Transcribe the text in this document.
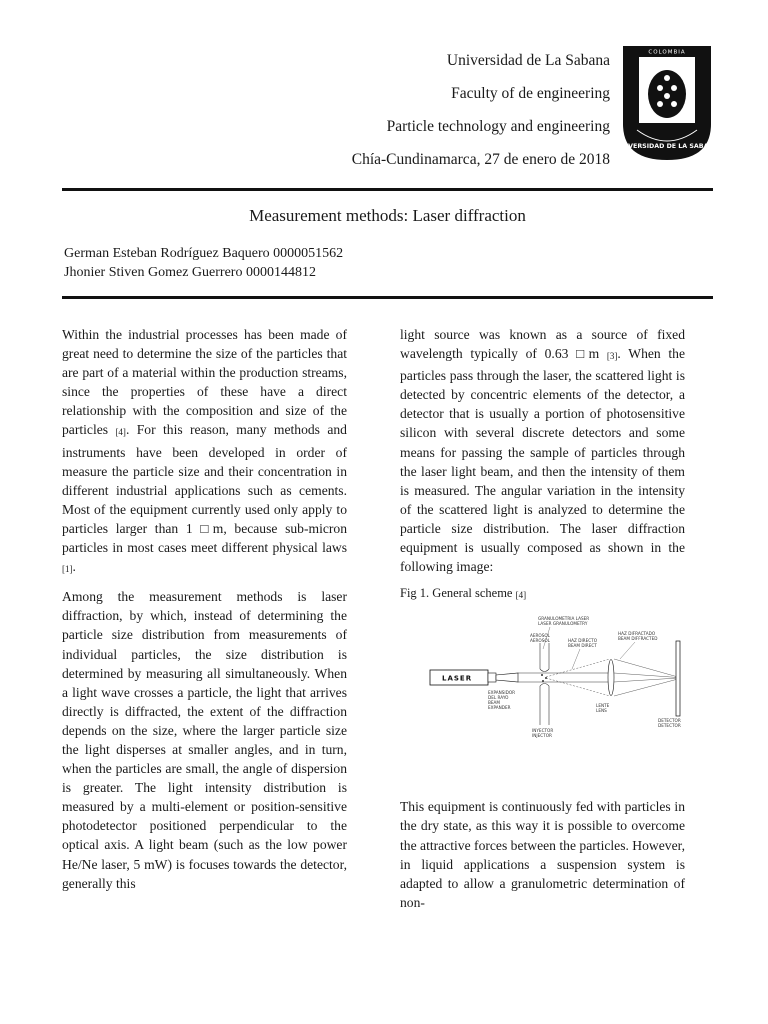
Universidad de La Sabana
Faculty of de engineering
Particle technology and engineering
Chía-Cundinamarca, 27 de enero de 2018
COLOMBIA
UNIVERSIDAD DE LA SABANA
Measurement methods: Laser diffraction
German Esteban Rodríguez Baquero 0000051562
Jhonier Stiven Gomez Guerrero 0000144812

Within the industrial processes has been made of great need to determine the size of the particles that are part of a material within the production streams, since the properties of these have a direct relationship with the composition and size of the particles [4]. For this reason, many methods and instruments have been developed in order of measure the particle size and their concentration in different industrial applications such as cements. Most of the equipment currently used only apply to particles larger than 1 □m, because sub-micron particles in most cases meet different physical laws [1].

Among the measurement methods is laser diffraction, by which, instead of determining the particle size distribution from measurements of individual particles, the size distribution is determined by measuring all simultaneously. When a light wave crosses a particle, the light that arrives directly is diffracted, the extent of the diffraction depends on the size, where the larger particle size the light disperses at smaller angles, and in turn, when the particles are small, the angle of dispersion is greater. The light intensity distribution is measured by a multi-element or position-sensitive photodetector positioned perpendicular to the optical axis. A light beam (such as the low power He/Ne laser, 5 mW) is focuses towards the detector, generally this

light source was known as a source of fixed wavelength typically of 0.63 □m [3]. When the particles pass through the laser, the scattered light is detected by concentric elements of the detector, a detector that is usually a portion of photosensitive silicon with several discrete detectors and some means for passing the sample of particles through the laser light beam, and then the intensity of them is measured. The angular variation in the intensity of the scattered light is analyzed to determine the particle size distribution. The laser diffraction equipment is usually composed as shown in the following image:

Fig 1. General scheme [4]
GRANULOMETRIA LASER
LASER GRANULOMETRY
AEROSOL
AEROSOL	HAZ DIRECTO
BEAM DIRECT
HAZ DIFRACTADO
BEAM DIFFRACTED
LASER
EXPANSIDOR
DEL RAYO
BEAM
EXPANDER	LENTE
LENS
DETECTOR
DETECTOR
INYECTOR
INJECTOR

This equipment is continuously fed with particles in the dry state, as this way it is possible to overcome the attractive forces between the particles. However, in liquid applications a suspension system is adapted to allow a granulometric determination of non-
